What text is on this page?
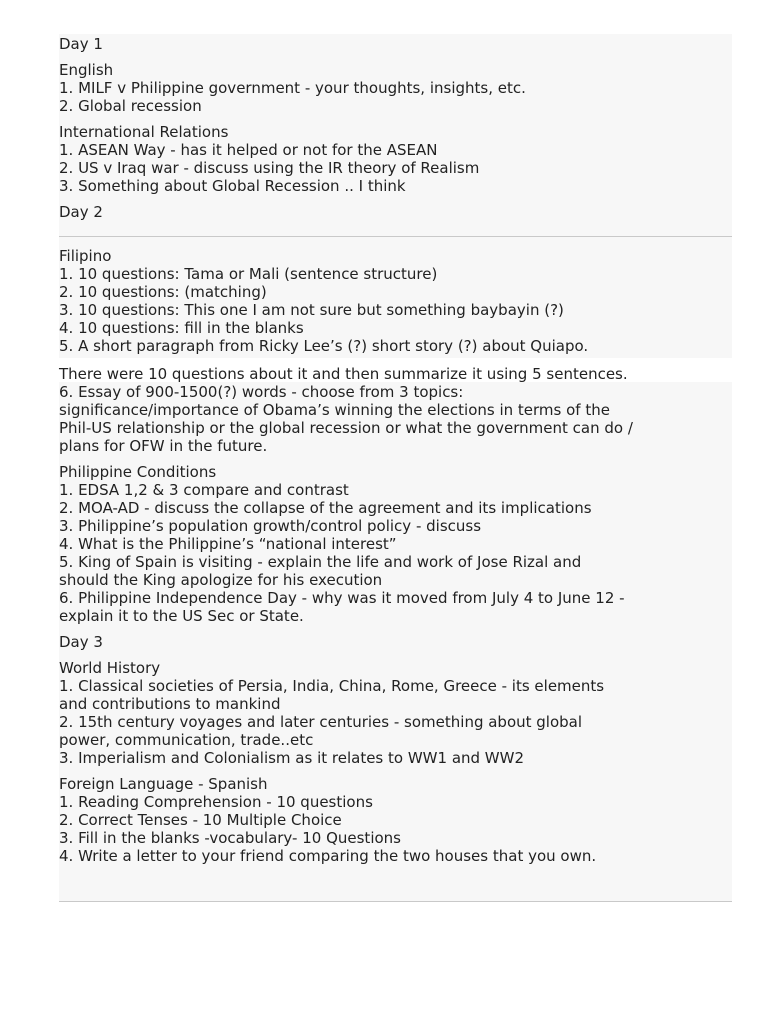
Day 1
English
1. MILF v Philippine government - your thoughts, insights, etc.
2. Global recession
International Relations
1. ASEAN Way - has it helped or not for the ASEAN
2. US v Iraq war - discuss using the IR theory of Realism
3. Something about Global Recession .. I think
Day 2
Filipino
1. 10 questions: Tama or Mali (sentence structure)
2. 10 questions: (matching)
3. 10 questions: This one I am not sure but something baybayin (?)
4. 10 questions: fill in the blanks
5. A short paragraph from Ricky Lee’s (?) short story (?) about Quiapo.
There were 10 questions about it and then summarize it using 5 sentences.
6. Essay of 900-1500(?) words - choose from 3 topics:
significance/importance of Obama’s winning the elections in terms of the
Phil-US relationship or the global recession or what the government can do /
plans for OFW in the future.
Philippine Conditions
1. EDSA 1,2 & 3 compare and contrast
2. MOA-AD - discuss the collapse of the agreement and its implications
3. Philippine’s population growth/control policy - discuss
4. What is the Philippine’s “national interest”
5. King of Spain is visiting - explain the life and work of Jose Rizal and
should the King apologize for his execution
6. Philippine Independence Day - why was it moved from July 4 to June 12 -
explain it to the US Sec or State.
Day 3
World History
1. Classical societies of Persia, India, China, Rome, Greece - its elements
and contributions to mankind
2. 15th century voyages and later centuries - something about global
power, communication, trade..etc
3. Imperialism and Colonialism as it relates to WW1 and WW2
Foreign Language - Spanish
1. Reading Comprehension - 10 questions
2. Correct Tenses - 10 Multiple Choice
3. Fill in the blanks -vocabulary- 10 Questions
4. Write a letter to your friend comparing the two houses that you own.
